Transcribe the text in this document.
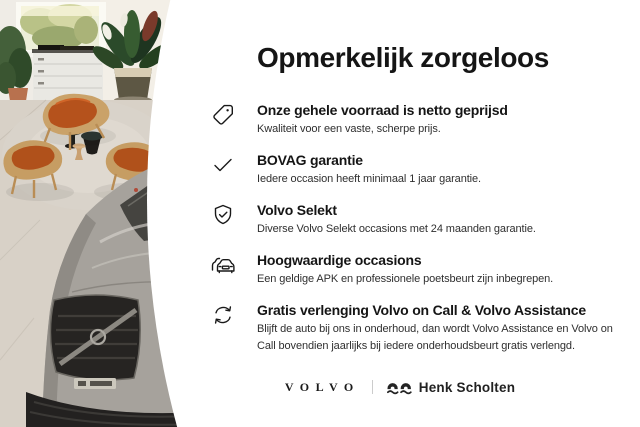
Opmerkelijk zorgeloos
Onze gehele voorraad is netto geprijsd
Kwaliteit voor een vaste, scherpe prijs.
BOVAG garantie
Iedere occasion heeft minimaal 1 jaar garantie.
Volvo Selekt
Diverse Volvo Selekt occasions met 24 maanden garantie.
Hoogwaardige occasions
Een geldige APK en professionele poetsbeurt zijn inbegrepen.
Gratis verlenging Volvo on Call & Volvo Assistance
Blijft de auto bij ons in onderhoud, dan wordt Volvo Assistance en Volvo on Call bovendien jaarlijks bij iedere onderhoudsbeurt gratis verlengd.
VOLVO	Henk Scholten
